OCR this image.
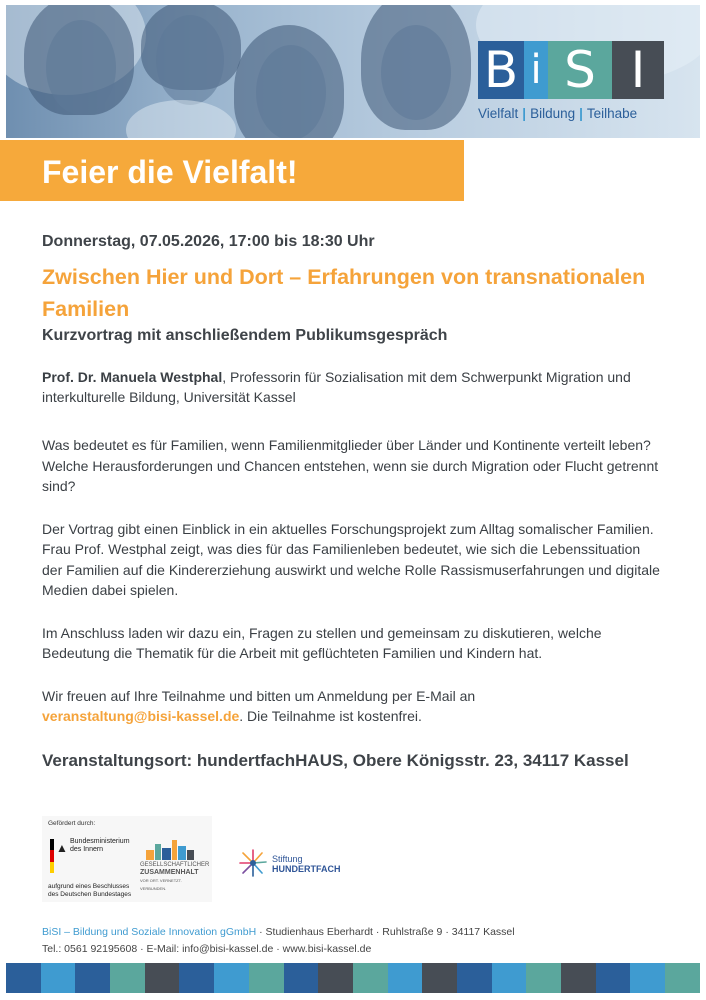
B i S I
Vielfalt | Bildung | Teilhabe
Feier die Vielfalt!
Donnerstag, 07.05.2026, 17:00 bis 18:30 Uhr
Zwischen Hier und Dort – Erfahrungen von transnationalen Familien
Kurzvortrag mit anschließendem Publikumsgespräch
Prof. Dr. Manuela Westphal, Professorin für Sozialisation mit dem Schwerpunkt Migration und interkulturelle Bildung, Universität Kassel

Was bedeutet es für Familien, wenn Familienmitglieder über Länder und Kontinente verteilt leben? Welche Herausforderungen und Chancen entstehen, wenn sie durch Migration oder Flucht getrennt sind?

Der Vortrag gibt einen Einblick in ein aktuelles Forschungsprojekt zum Alltag somalischer Familien. Frau Prof. Westphal zeigt, was dies für das Familienleben bedeutet, wie sich die Lebenssituation der Familien auf die Kindererziehung auswirkt und welche Rolle Rassismuserfahrungen und digitale Medien dabei spielen.

Im Anschluss laden wir dazu ein, Fragen zu stellen und gemeinsam zu diskutieren, welche Bedeutung die Thematik für die Arbeit mit geflüchteten Familien und Kindern hat.

Wir freuen auf Ihre Teilnahme und bitten um Anmeldung per E-Mail an
veranstaltung@bisi-kassel.de. Die Teilnahme ist kostenfrei.

Veranstaltungsort: hundertfachHAUS, Obere Königsstr. 23, 34117 Kassel
Gefördert durch:
▲ Bundesministerium
des Innern
aufgrund eines Beschlusses
des Deutschen Bundestages
GESELLSCHAFTLICHER
ZUSAMMENHALT
VOR ORT. VERNETZT. VERBUNDEN.
Stiftung
HUNDERTFACH
BiSI – Bildung und Soziale Innovation gGmbH · Studienhaus Eberhardt · Ruhlstraße 9 · 34117 Kassel
Tel.: 0561 92195608 · E-Mail: info@bisi-kassel.de · www.bisi-kassel.de
